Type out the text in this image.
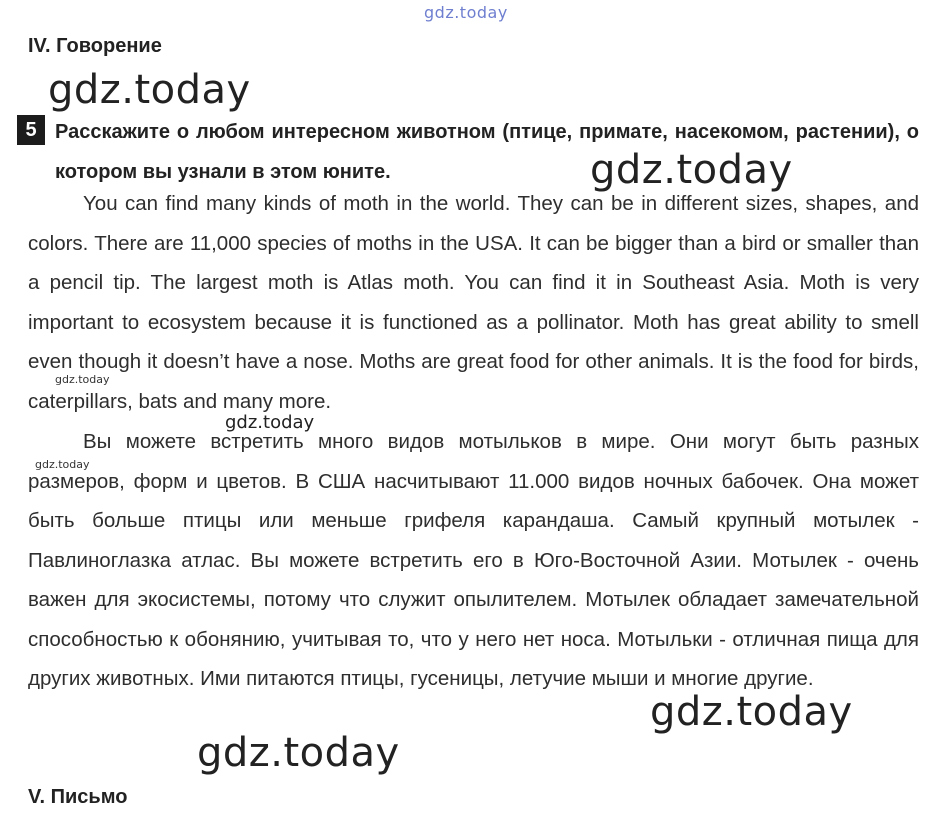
gdz.today
IV. Говорение
gdz.today
5 Расскажите о любом интересном животном (птице, примате, насекомом, растении), о котором вы узнали в этом юните.	gdz.today

You can find many kinds of moth in the world. They can be in different sizes, shapes, and colors. There are 11,000 species of moths in the USA. It can be bigger than a bird or smaller than a pencil tip. The largest moth is Atlas moth. You can find it in Southeast Asia. Moth is very important to ecosystem because it is functioned as a pollinator. Moth has great ability to smell even though it doesn’t have a nose. Moths are great food for other animals. It is the food for birds, caterpillars, bats and many more.

gdz.today
gdz.today

Вы можете встретить много видов мотыльков в мире. Они могут быть разных размеров, форм и цветов. В США насчитывают 11.000 видов ночных бабочек. Она может быть больше птицы или меньше грифеля карандаша. Самый крупный мотылек - Павлиноглазка атлас. Вы можете встретить его в Юго-Восточной Азии. Мотылек - очень важен для экосистемы, потому что служит опылителем. Мотылек обладает замечательной способностью к обонянию, учитывая то, что у него нет носа. Мотыльки - отличная пища для других животных. Ими питаются птицы, гусеницы, летучие мыши и многие другие.

gdz.today
gdz.today
gdz.today
V. Письмо
